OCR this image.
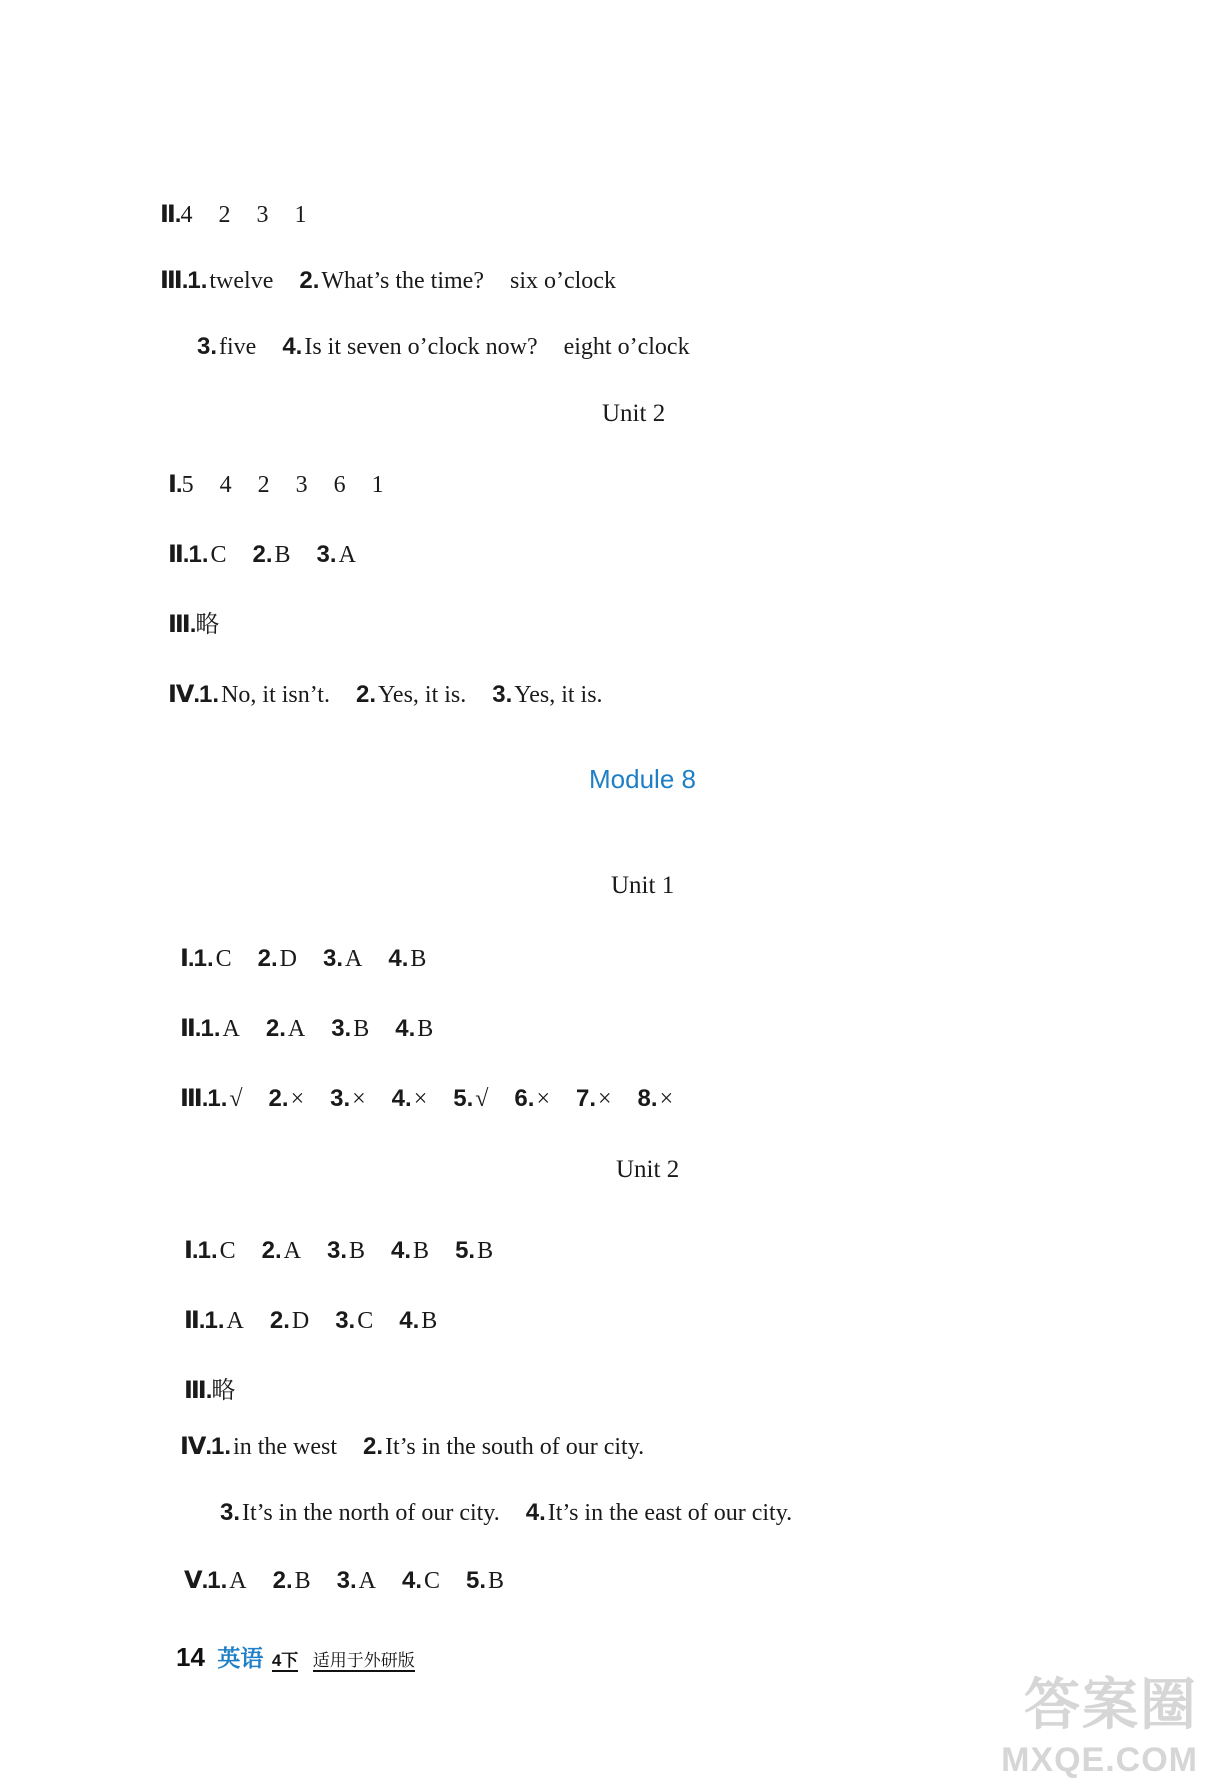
Ⅱ.4 2 3 1
Ⅲ.1.twelve 2.What’s the time? six o’clock
3.five 4.Is it seven o’clock now? eight o’clock
Ⅰ.5 4 2 3 6 1
Ⅱ.1.C 2.B 3.A
Ⅲ.略
Ⅳ.1.No, it isn’t. 2.Yes, it is. 3.Yes, it is.
Ⅰ.1.C 2.D 3.A 4.B
Ⅱ.1.A 2.A 3.B 4.B
Ⅲ.1.√ 2.× 3.× 4.× 5.√ 6.× 7.× 8.×
Ⅰ.1.C 2.A 3.B 4.B 5.B
Ⅱ.1.A 2.D 3.C 4.B
Ⅲ.略
Ⅳ.1.in the west 2.It’s in the south of our city.
3.It’s in the north of our city. 4.It’s in the east of our city.
Ⅴ.1.A 2.B 3.A 4.C 5.B
Unit 2
Module 8
Unit 1
Unit 2
14 英语 4下 适用于外研版
答案圈
MXQE.COM
